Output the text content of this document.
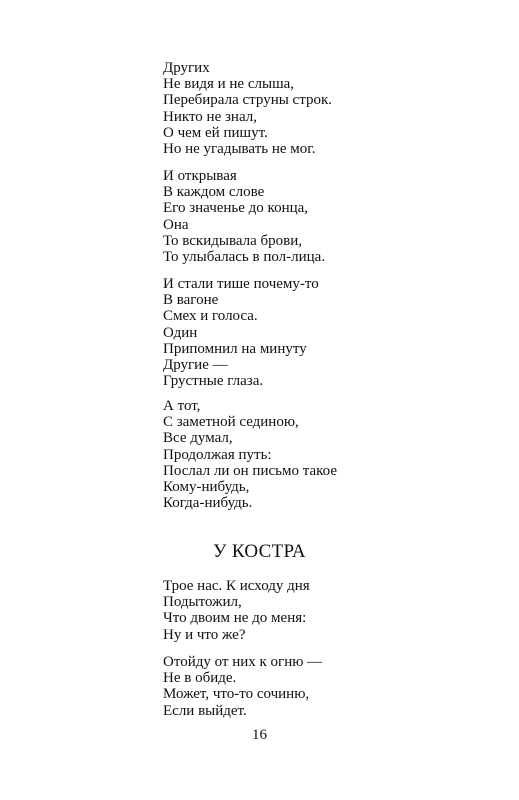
Других
Не видя и не слыша,
Перебирала струны строк.
Никто не знал,
О чем ей пишут.
Но не угадывать не мог.
И открывая
В каждом слове
Его значенье до конца,
Она
То вскидывала брови,
То улыбалась в пол-лица.
И стали тише почему-то
В вагоне
Смех и голоса.
Один
Припомнил на минуту
Другие —
Грустные глаза.
А тот,
С заметной сединою,
Все думал,
Продолжая путь:
Послал ли он письмо такое
Кому-нибудь,
Когда-нибудь.
У КОСТРА
Трое нас. К исходу дня
Подытожил,
Что двоим не до меня:
Ну и что же?
Отойду от них к огню —
Не в обиде.
Может, что-то сочиню,
Если выйдет.
16
